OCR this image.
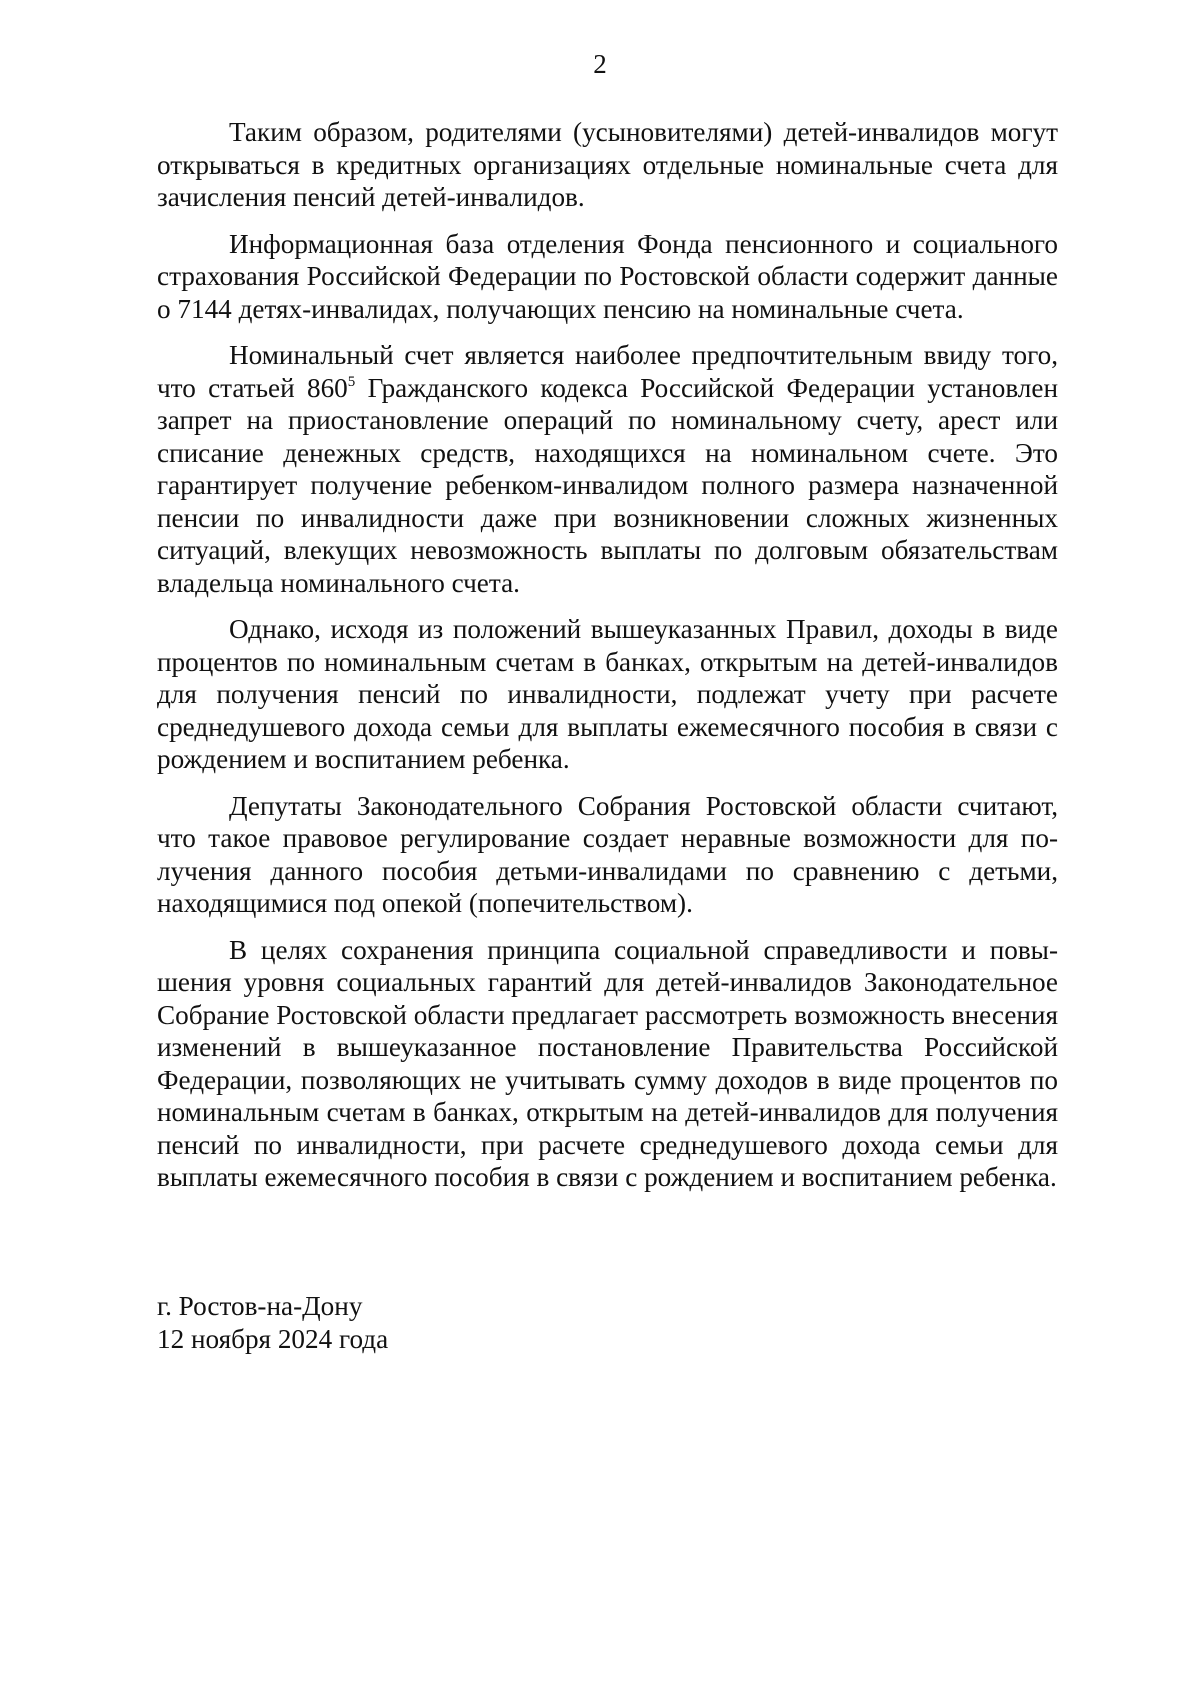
2

Таким образом, родителями (усыновителями) детей-инвалидов могут открываться в кредитных организациях отдельные номинальные счета для зачисления пенсий детей-инвалидов.

Информационная база отделения Фонда пенсионного и социального страхования Российской Федерации по Ростовской области содержит данные о 7144 детях-инвалидах, получающих пенсию на номинальные счета.

Номинальный счет является наиболее предпочтительным ввиду того, что статьей $860^5$ Гражданского кодекса Российской Федерации установлен запрет на приостановление операций по номинальному счету, арест или списание денежных средств, находящихся на номинальном счете. Это гарантирует получение ребенком-инвалидом полного размера назначенной пенсии по инвалидности даже при возникновении сложных жизненных ситуаций, влекущих невозможность выплаты по долговым обязательствам владельца номинального счета.

Однако, исходя из положений вышеуказанных Правил, доходы в виде процентов по номинальным счетам в банках, открытым на детей-инвалидов для получения пенсий по инвалидности, подлежат учету при расчете среднедушевого дохода семьи для выплаты ежемесячного пособия в связи с рождением и воспитанием ребенка.

Депутаты Законодательного Собрания Ростовской области считают, что такое правовое регулирование создает неравные возможности для получения данного пособия детьми-инвалидами по сравнению с детьми, находящимися под опекой (попечительством).

В целях сохранения принципа социальной справедливости и повышения уровня социальных гарантий для детей-инвалидов Законодательное Собрание Ростовской области предлагает рассмотреть возможность внесения изменений в вышеуказанное постановление Правительства Российской Федерации, позволяющих не учитывать сумму доходов в виде процентов по номинальным счетам в банках, открытым на детей-инвалидов для получения пенсий по инвалидности, при расчете среднедушевого дохода семьи для выплаты ежемесячного пособия в связи с рождением и воспитанием ребенка.

г. Ростов-на-Дону
12 ноября 2024 года
